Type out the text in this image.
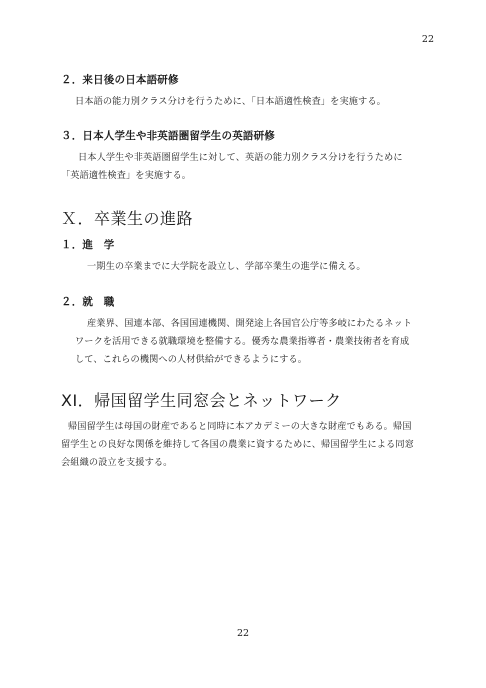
22
２．来日後の日本語研修
日本語の能力別クラス分けを行うために、「日本語適性検査」を実施する。
３．日本人学生や非英語圏留学生の英語研修
日本人学生や非英語圏留学生に対して、英語の能力別クラス分けを行うために
「英語適性検査」を実施する。
Ｘ．卒業生の進路
１．進　学
一期生の卒業までに大学院を設立し、学部卒業生の進学に備える。
２．就　職
産業界、国連本部、各国国連機関、開発途上各国官公庁等多岐にわたるネット
ワークを活用できる就職環境を整備する。優秀な農業指導者・農業技術者を育成
して、これらの機関への人材供給ができるようにする。
XI．帰国留学生同窓会とネットワーク
帰国留学生は母国の財産であると同時に本アカデミーの大きな財産でもある。帰国
留学生との良好な関係を維持して各国の農業に資するために、帰国留学生による同窓
会組織の設立を支援する。
22
